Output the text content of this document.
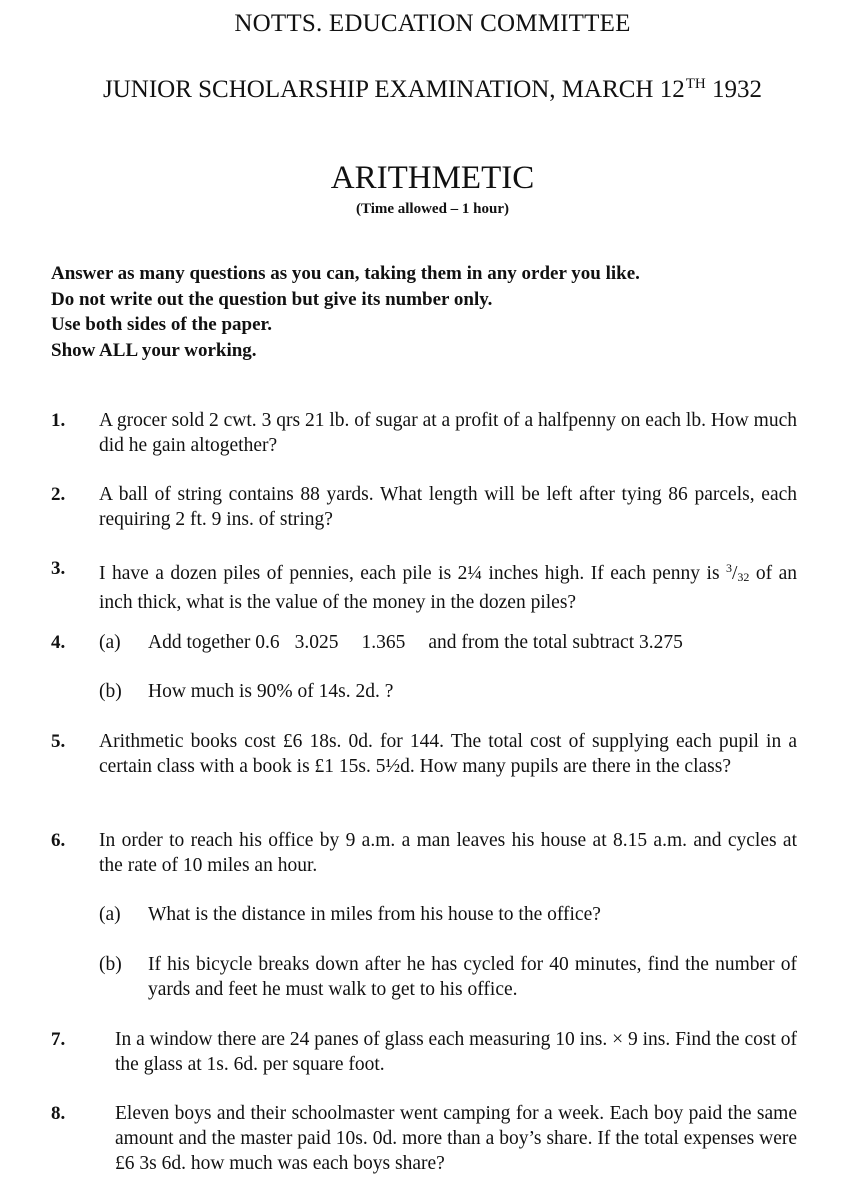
NOTTS. EDUCATION COMMITTEE
JUNIOR SCHOLARSHIP EXAMINATION, MARCH 12TH 1932
ARITHMETIC
(Time allowed – 1 hour)
Answer as many questions as you can, taking them in any order you like.
Do not write out the question but give its number only.
Use both sides of the paper.
Show ALL your working.
1. A grocer sold 2 cwt. 3 qrs 21 lb. of sugar at a profit of a halfpenny on each lb. How much did he gain altogether?
2. A ball of string contains 88 yards. What length will be left after tying 86 parcels, each requiring 2 ft. 9 ins. of string?
3. I have a dozen piles of pennies, each pile is 2¼ inches high. If each penny is $^3/_{32}$ of an inch thick, what is the value of the money in the dozen piles?
4. (a) Add together 0.6 3.025 1.365 and from the total subtract 3.275
(b) How much is 90% of 14s. 2d. ?
5. Arithmetic books cost £6 18s. 0d. for 144. The total cost of supplying each pupil in a certain class with a book is £1 15s. 5½d. How many pupils are there in the class?
6. In order to reach his office by 9 a.m. a man leaves his house at 8.15 a.m. and cycles at the rate of 10 miles an hour.
(a) What is the distance in miles from his house to the office?
(b) If his bicycle breaks down after he has cycled for 40 minutes, find the number of yards and feet he must walk to get to his office.
7.	In a window there are 24 panes of glass each measuring 10 ins. × 9 ins. Find the cost of the glass at 1s. 6d. per square foot.
8.	Eleven boys and their schoolmaster went camping for a week. Each boy paid the same amount and the master paid 10s. 0d. more than a boy’s share. If the total expenses were £6 3s 6d. how much was each boys share?
